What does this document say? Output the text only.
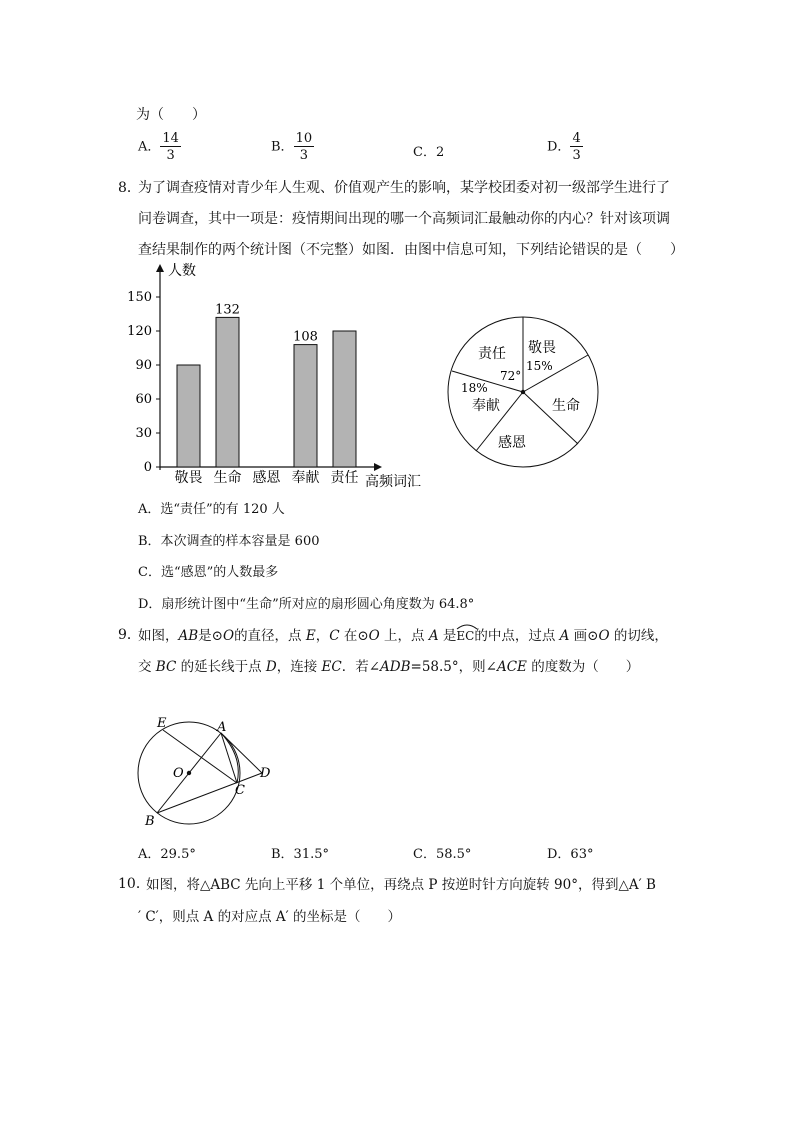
为（　　）
A． $\frac{14}{3}$	B． $\frac{10}{3}$	C．2	D． $\frac{4}{3}$
8．
为了调查疫情对青少年人生观、价值观产生的影响，某学校团委对初一级部学生进行了
问卷调查，其中一项是：疫情期间出现的哪一个高频词汇最触动你的内心？针对该项调
查结果制作的两个统计图（不完整）如图．由图中信息可知，下列结论错误的是（　　）
人数
高频词汇
0
30
60
90
120
150
敬畏
132
生命 感恩
108
奉献 责任
敬畏
15%
生命
感恩
18%
奉献
责任
72°
A．选“责任”的有 120 人
B．本次调查的样本容量是 600
C．选“感恩”的人数最多
D．扇形统计图中“生命”所对应的扇形圆心角度数为 64.8°
9．
如图，AB是⊙O的直径，点 E，C 在⊙O 上，点 A 是
EC的中点，过点 A 画⊙O 的切线，
交 BC 的延长线于点 D，连接 EC．若∠ADB=58.5°，则∠ACE 的度数为（　　）
E	A
O	D
C
B
A．29.5°	B．31.5°	C．58.5°	D．63°
10．
如图，将△ABC 先向上平移 1 个单位，再绕点 P 按逆时针方向旋转 90°，得到△A′ B
′ C′，则点 A 的对应点 A′ 的坐标是（　　）
